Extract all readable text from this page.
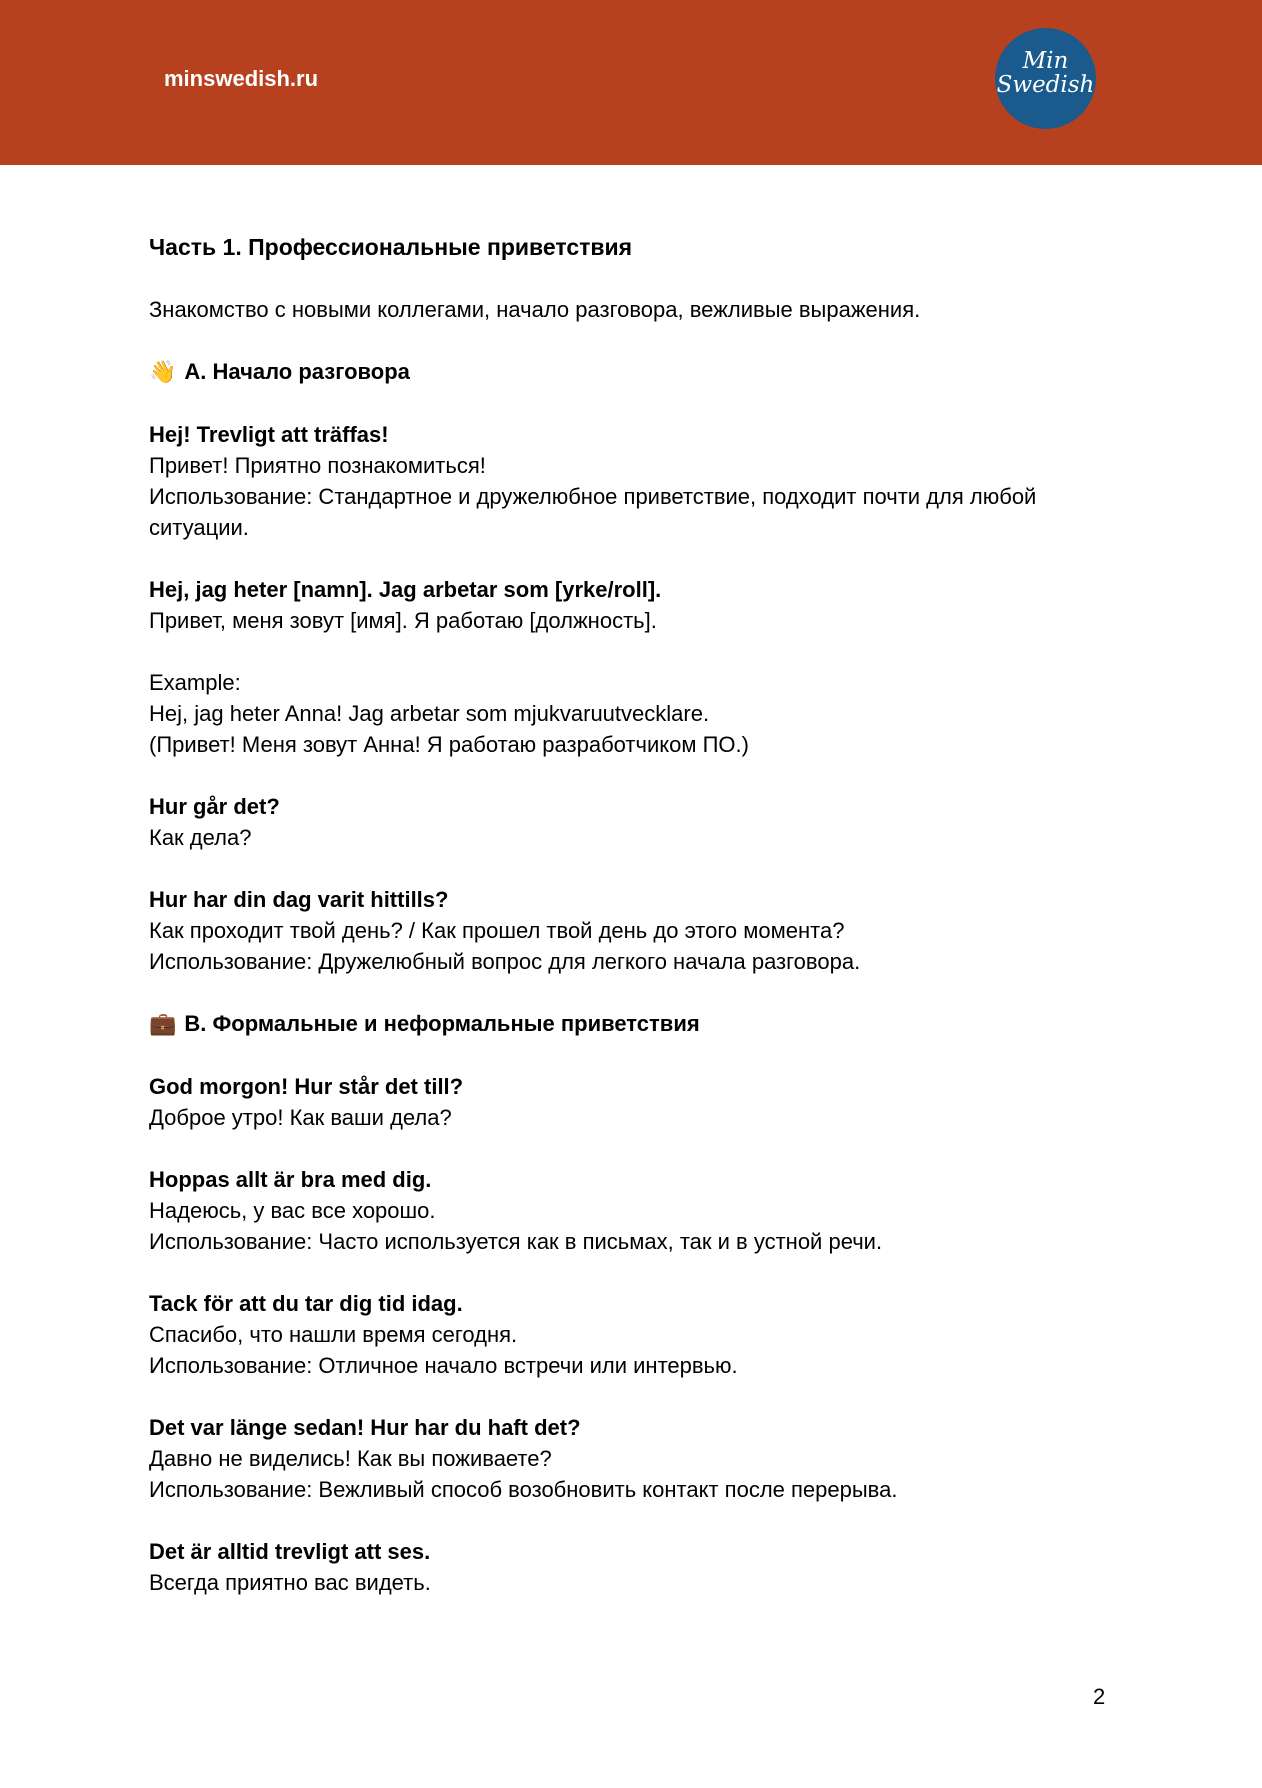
minswedish.ru
Min
Swedish
Часть 1. Профессиональные приветствия
Знакомство с новыми коллегами, начало разговора, вежливые выражения.
👋 A. Начало разговора
Hej! Trevligt att träffas!
Привет! Приятно познакомиться!
Использование: Стандартное и дружелюбное приветствие, подходит почти для любой ситуации.
Hej, jag heter [namn]. Jag arbetar som [yrke/roll].
Привет, меня зовут [имя]. Я работаю [должность].
Example:
Hej, jag heter Anna! Jag arbetar som mjukvaruutvecklare.
(Привет! Меня зовут Анна! Я работаю разработчиком ПО.)
Hur går det?
Как дела?
Hur har din dag varit hittills?
Как проходит твой день? / Как прошел твой день до этого момента?
Использование: Дружелюбный вопрос для легкого начала разговора.
💼 B. Формальные и неформальные приветствия
God morgon! Hur står det till?
Доброе утро! Как ваши дела?
Hoppas allt är bra med dig.
Надеюсь, у вас все хорошо.
Использование: Часто используется как в письмах, так и в устной речи.
Tack för att du tar dig tid idag.
Спасибо, что нашли время сегодня.
Использование: Отличное начало встречи или интервью.
Det var länge sedan! Hur har du haft det?
Давно не виделись! Как вы поживаете?
Использование: Вежливый способ возобновить контакт после перерыва.
Det är alltid trevligt att ses.
Всегда приятно вас видеть.
2
